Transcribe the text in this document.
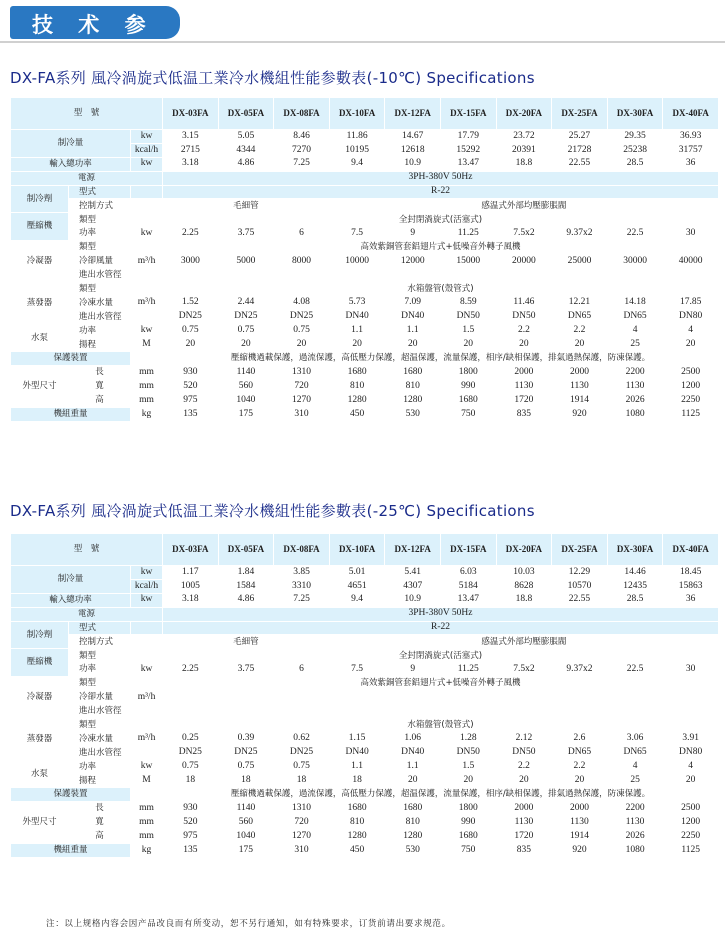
技 术 参 数
DX-FA系列 風冷渦旋式低温工業冷水機組性能参數表(-10℃) Specifications
型　號			DX-03FA	DX-05FA	DX-08FA	DX-10FA	DX-12FA	DX-15FA	DX-20FA	DX-25FA	DX-30FA	DX-40FA
制冷量		kw	3.15	5.05	8.46	11.86	14.67	17.79	23.72	25.27	29.35	36.93
		kcal/h	2715	4344	7270	10195	12618	15292	20391	21728	25238	31757
輸入總功率		kw	3.18	4.86	7.25	9.4	10.9	13.47	18.8	22.55	28.5	36
電源			3PH-380V 50Hz									
制冷劑	型式		R-22									
	控制方式		毛細管			感温式外部均壓膨脹閥						
壓縮機	類型		全封閉渦旋式(活塞式)									
	功率	kw	2.25	3.75	6	7.5	9	11.25	7.5x2	9.37x2	22.5	30
冷凝器	類型		高效紫銅管套鋁翅片式+低噪音外轉子風機									
	冷卻風量	m³/h	3000	5000	8000	10000	12000	15000	20000	25000	30000	40000
	進出水管徑											
蒸發器	類型		水箱盤管(殼管式)									
	冷凍水量	m³/h	1.52	2.44	4.08	5.73	7.09	8.59	11.46	12.21	14.18	17.85
	進出水管徑		DN25	DN25	DN25	DN40	DN40	DN50	DN50	DN65	DN65	DN80
水泵	功率	kw	0.75	0.75	0.75	1.1	1.1	1.5	2.2	2.2	4	4
	揚程	M	20	20	20	20	20	20	20	20	25	20
保護裝置			壓縮機過載保護，過流保護，高低壓力保護，超温保護，流量保護，相序/缺相保護，排氣過熱保護，防凍保護。									
外型尺寸	長	mm	930	1140	1310	1680	1680	1800	2000	2000	2200	2500
	寬	mm	520	560	720	810	810	990	1130	1130	1130	1200
	高	mm	975	1040	1270	1280	1280	1680	1720	1914	2026	2250
機組重量		kg	135	175	310	450	530	750	835	920	1080	1125
DX-FA系列 風冷渦旋式低温工業冷水機組性能参數表(-25℃) Specifications
型　號			DX-03FA	DX-05FA	DX-08FA	DX-10FA	DX-12FA	DX-15FA	DX-20FA	DX-25FA	DX-30FA	DX-40FA
制冷量		kw	1.17	1.84	3.85	5.01	5.41	6.03	10.03	12.29	14.46	18.45
		kcal/h	1005	1584	3310	4651	4307	5184	8628	10570	12435	15863
輸入總功率		kw	3.18	4.86	7.25	9.4	10.9	13.47	18.8	22.55	28.5	36
電源			3PH-380V 50Hz									
制冷劑	型式		R-22									
	控制方式		毛細管			感温式外部均壓膨脹閥						
壓縮機	類型		全封閉渦旋式(活塞式)									
	功率	kw	2.25	3.75	6	7.5	9	11.25	7.5x2	9.37x2	22.5	30
冷凝器	類型		高效紫銅管套鋁翅片式+低噪音外轉子風機									
	冷卻水量	m³/h										
	進出水管徑											
蒸發器	類型		水箱盤管(殼管式)									
	冷凍水量	m³/h	0.25	0.39	0.62	1.15	1.06	1.28	2.12	2.6	3.06	3.91
	進出水管徑		DN25	DN25	DN25	DN40	DN40	DN50	DN50	DN65	DN65	DN80
水泵	功率	kw	0.75	0.75	0.75	1.1	1.1	1.5	2.2	2.2	4	4
	揚程	M	18	18	18	18	20	20	20	20	25	20
保護裝置			壓縮機過載保護，過流保護，高低壓力保護，超温保護，流量保護，相序/缺相保護，排氣過熱保護，防凍保護。									
外型尺寸	長	mm	930	1140	1310	1680	1680	1800	2000	2000	2200	2500
	寬	mm	520	560	720	810	810	990	1130	1130	1130	1200
	高	mm	975	1040	1270	1280	1280	1680	1720	1914	2026	2250
機組重量		kg	135	175	310	450	530	750	835	920	1080	1125
注：以上规格内容会因产品改良而有所变动，恕不另行通知，如有特殊要求，订货前请出要求规范。
